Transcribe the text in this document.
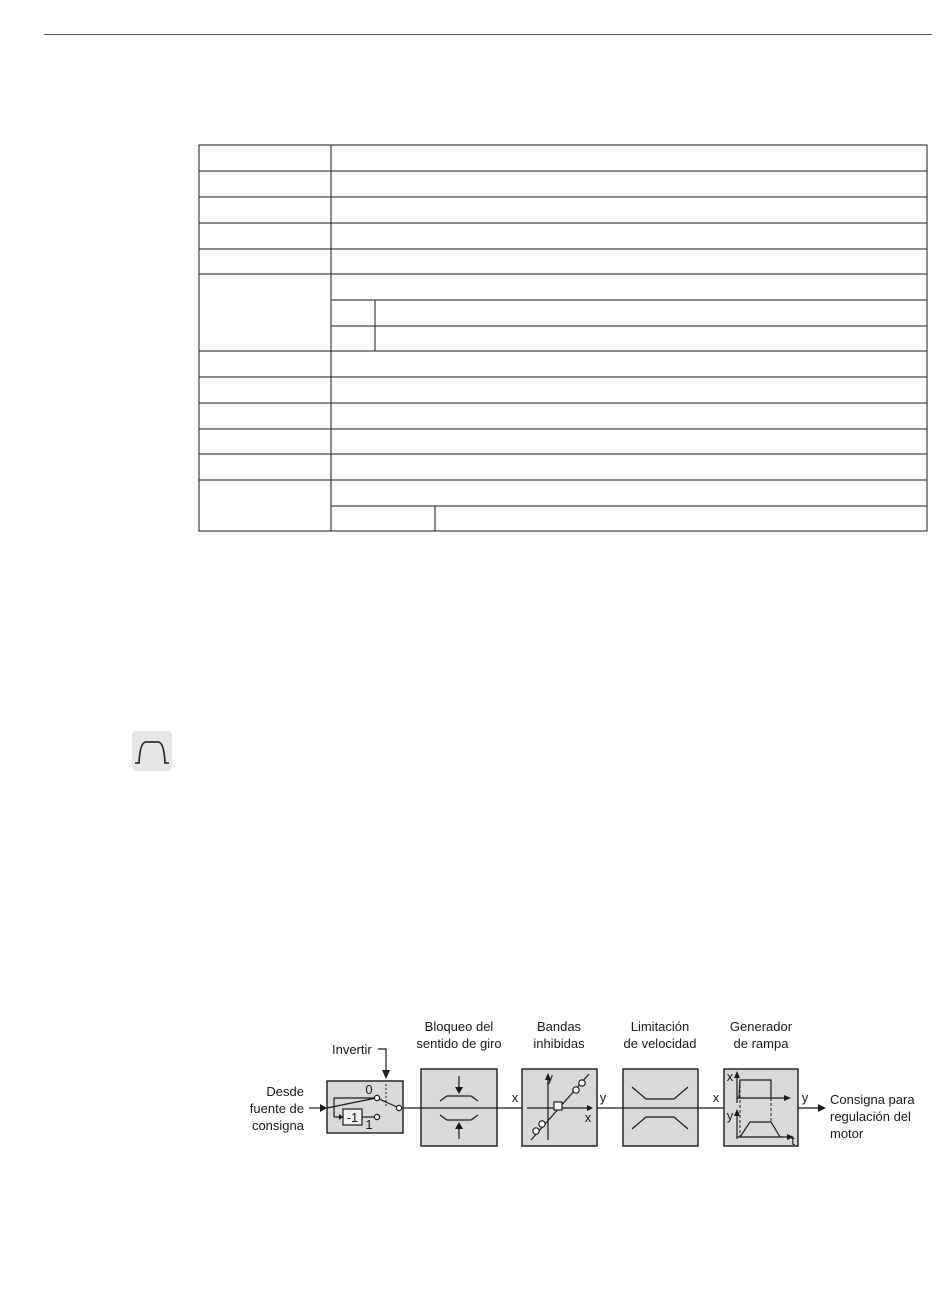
Bloqueo del
sentido de giro
Bandas
inhibidas
Limitación
de velocidad
Generador
de rampa
Invertir
Desde
fuente de
consigna
-1
0
1
y
x
x
y
t
x	y	x	y Consigna para
regulación del
motor
